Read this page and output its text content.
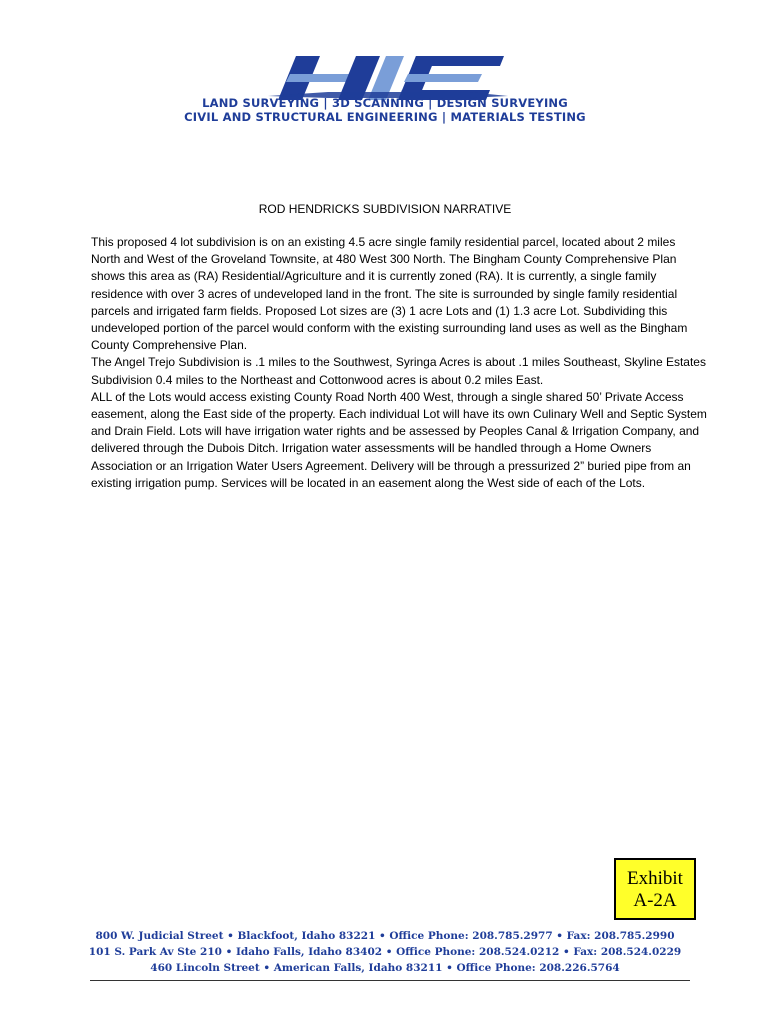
LAND SURVEYING | 3D SCANNING | DESIGN SURVEYING
CIVIL AND STRUCTURAL ENGINEERING | MATERIALS TESTING
ROD HENDRICKS SUBDIVISION NARRATIVE

This proposed 4 lot subdivision is on an existing 4.5 acre single family residential parcel, located about 2 miles North and West of the Groveland Townsite, at 480 West 300 North. The Bingham County Comprehensive Plan shows this area as (RA) Residential/Agriculture and it is currently zoned (RA). It is currently, a single family residence with over 3 acres of undeveloped land in the front. The site is surrounded by single family residential parcels and irrigated farm fields. Proposed Lot sizes are (3) 1 acre Lots and (1) 1.3 acre Lot. Subdividing this undeveloped portion of the parcel would conform with the existing surrounding land uses as well as the Bingham County Comprehensive Plan.

The Angel Trejo Subdivision is .1 miles to the Southwest, Syringa Acres is about .1 miles Southeast, Skyline Estates Subdivision 0.4 miles to the Northeast and Cottonwood acres is about 0.2 miles East.

ALL of the Lots would access existing County Road North 400 West, through a single shared 50’ Private Access easement, along the East side of the property. Each individual Lot will have its own Culinary Well and Septic System and Drain Field. Lots will have irrigation water rights and be assessed by Peoples Canal & Irrigation Company, and delivered through the Dubois Ditch. Irrigation water assessments will be handled through a Home Owners Association or an Irrigation Water Users Agreement. Delivery will be through a pressurized 2” buried pipe from an existing irrigation pump. Services will be located in an easement along the West side of each of the Lots.

Exhibit
A-2A
800 W. Judicial Street • Blackfoot, Idaho 83221 • Office Phone: 208.785.2977 • Fax: 208.785.2990
101 S. Park Av Ste 210 • Idaho Falls, Idaho 83402 • Office Phone: 208.524.0212 • Fax: 208.524.0229
460 Lincoln Street • American Falls, Idaho 83211 • Office Phone: 208.226.5764
